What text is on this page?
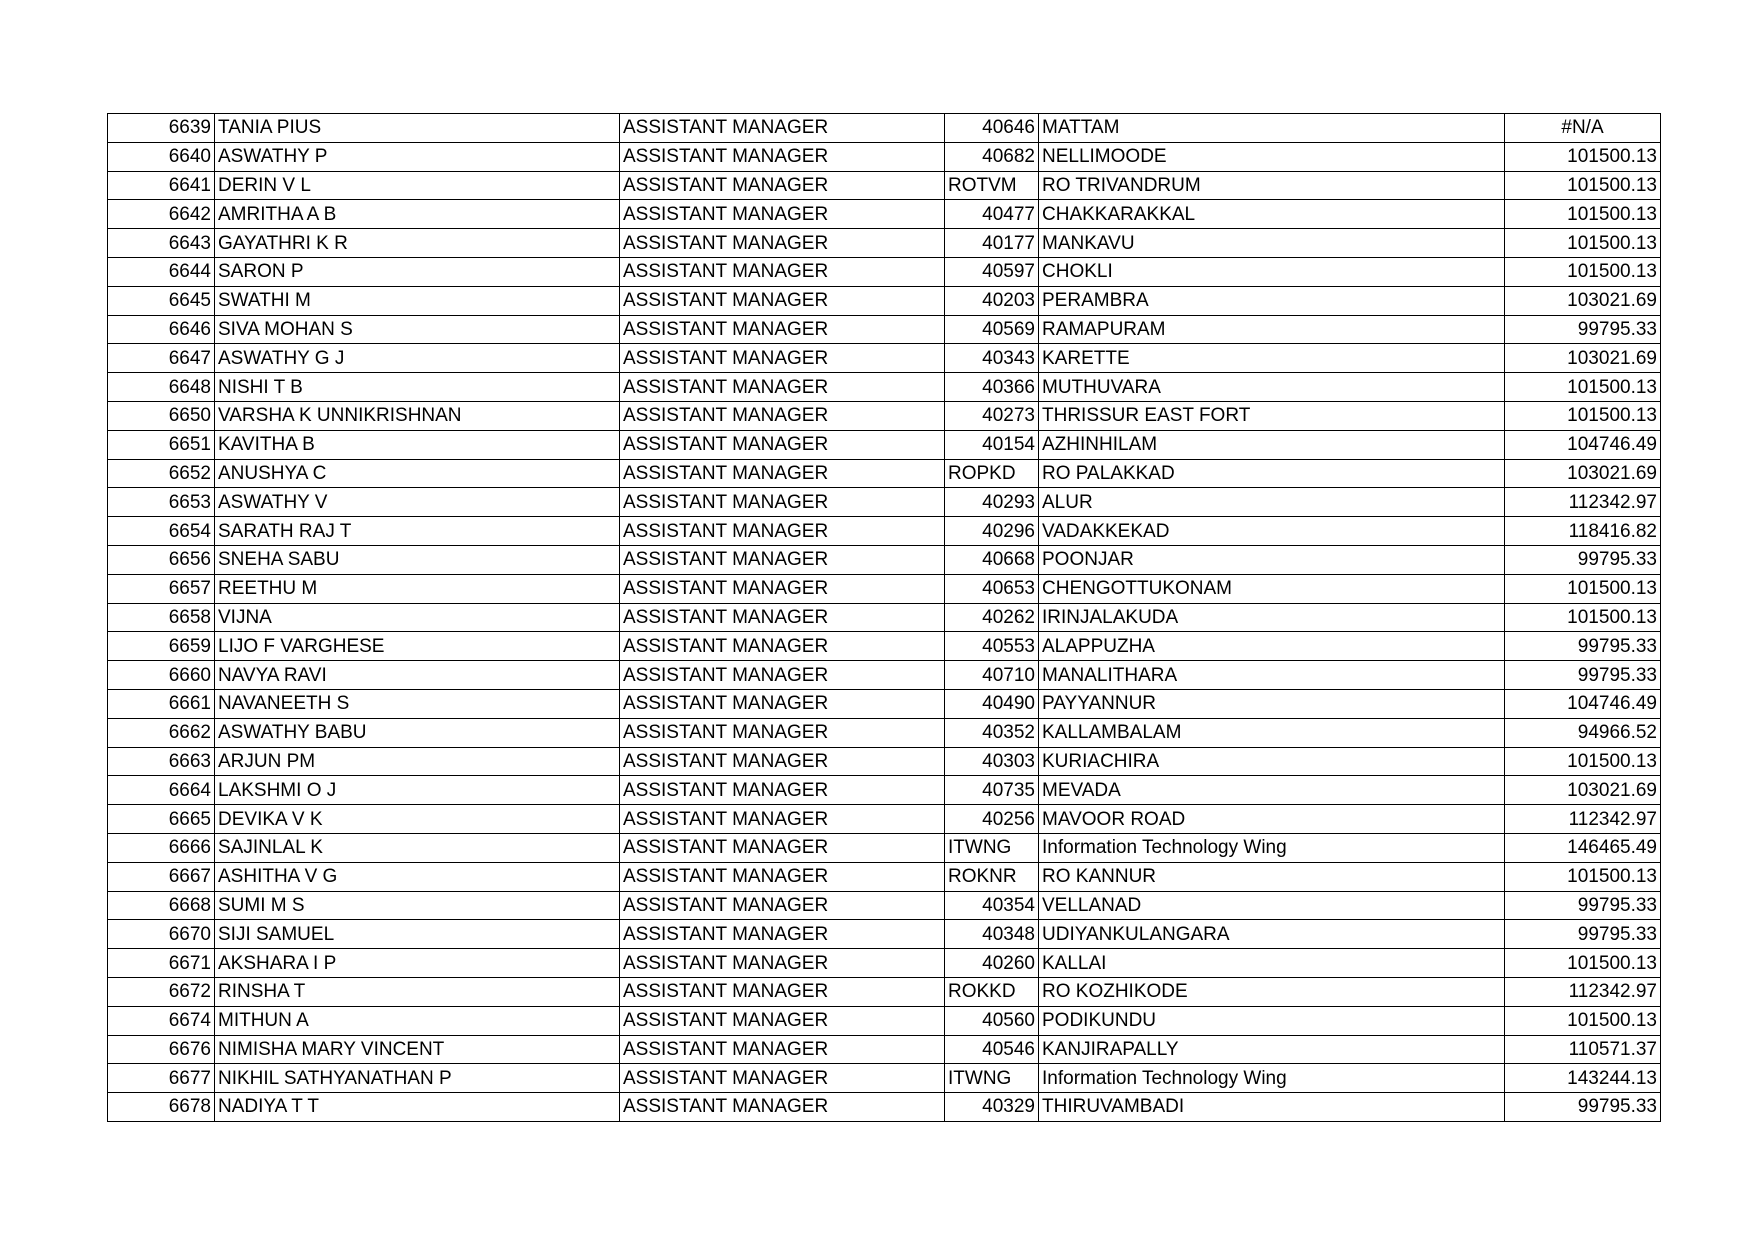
6639	TANIA PIUS	ASSISTANT MANAGER	40646	MATTAM	#N/A
6640	ASWATHY P	ASSISTANT MANAGER	40682	NELLIMOODE	101500.13
6641	DERIN V L	ASSISTANT MANAGER	ROTVM	RO TRIVANDRUM	101500.13
6642	AMRITHA A B	ASSISTANT MANAGER	40477	CHAKKARAKKAL	101500.13
6643	GAYATHRI K R	ASSISTANT MANAGER	40177	MANKAVU	101500.13
6644	SARON P	ASSISTANT MANAGER	40597	CHOKLI	101500.13
6645	SWATHI M	ASSISTANT MANAGER	40203	PERAMBRA	103021.69
6646	SIVA MOHAN S	ASSISTANT MANAGER	40569	RAMAPURAM	99795.33
6647	ASWATHY G J	ASSISTANT MANAGER	40343	KARETTE	103021.69
6648	NISHI T B	ASSISTANT MANAGER	40366	MUTHUVARA	101500.13
6650	VARSHA K UNNIKRISHNAN	ASSISTANT MANAGER	40273	THRISSUR EAST FORT	101500.13
6651	KAVITHA B	ASSISTANT MANAGER	40154	AZHINHILAM	104746.49
6652	ANUSHYA C	ASSISTANT MANAGER	ROPKD	RO PALAKKAD	103021.69
6653	ASWATHY V	ASSISTANT MANAGER	40293	ALUR	112342.97
6654	SARATH RAJ T	ASSISTANT MANAGER	40296	VADAKKEKAD	118416.82
6656	SNEHA SABU	ASSISTANT MANAGER	40668	POONJAR	99795.33
6657	REETHU M	ASSISTANT MANAGER	40653	CHENGOTTUKONAM	101500.13
6658	VIJNA	ASSISTANT MANAGER	40262	IRINJALAKUDA	101500.13
6659	LIJO F VARGHESE	ASSISTANT MANAGER	40553	ALAPPUZHA	99795.33
6660	NAVYA RAVI	ASSISTANT MANAGER	40710	MANALITHARA	99795.33
6661	NAVANEETH S	ASSISTANT MANAGER	40490	PAYYANNUR	104746.49
6662	ASWATHY BABU	ASSISTANT MANAGER	40352	KALLAMBALAM	94966.52
6663	ARJUN PM	ASSISTANT MANAGER	40303	KURIACHIRA	101500.13
6664	LAKSHMI O J	ASSISTANT MANAGER	40735	MEVADA	103021.69
6665	DEVIKA V K	ASSISTANT MANAGER	40256	MAVOOR ROAD	112342.97
6666	SAJINLAL K	ASSISTANT MANAGER	ITWNG	Information Technology Wing	146465.49
6667	ASHITHA V G	ASSISTANT MANAGER	ROKNR	RO KANNUR	101500.13
6668	SUMI M S	ASSISTANT MANAGER	40354	VELLANAD	99795.33
6670	SIJI SAMUEL	ASSISTANT MANAGER	40348	UDIYANKULANGARA	99795.33
6671	AKSHARA I P	ASSISTANT MANAGER	40260	KALLAI	101500.13
6672	RINSHA T	ASSISTANT MANAGER	ROKKD	RO KOZHIKODE	112342.97
6674	MITHUN A	ASSISTANT MANAGER	40560	PODIKUNDU	101500.13
6676	NIMISHA MARY VINCENT	ASSISTANT MANAGER	40546	KANJIRAPALLY	110571.37
6677	NIKHIL SATHYANATHAN P	ASSISTANT MANAGER	ITWNG	Information Technology Wing	143244.13
6678	NADIYA T T	ASSISTANT MANAGER	40329	THIRUVAMBADI	99795.33
